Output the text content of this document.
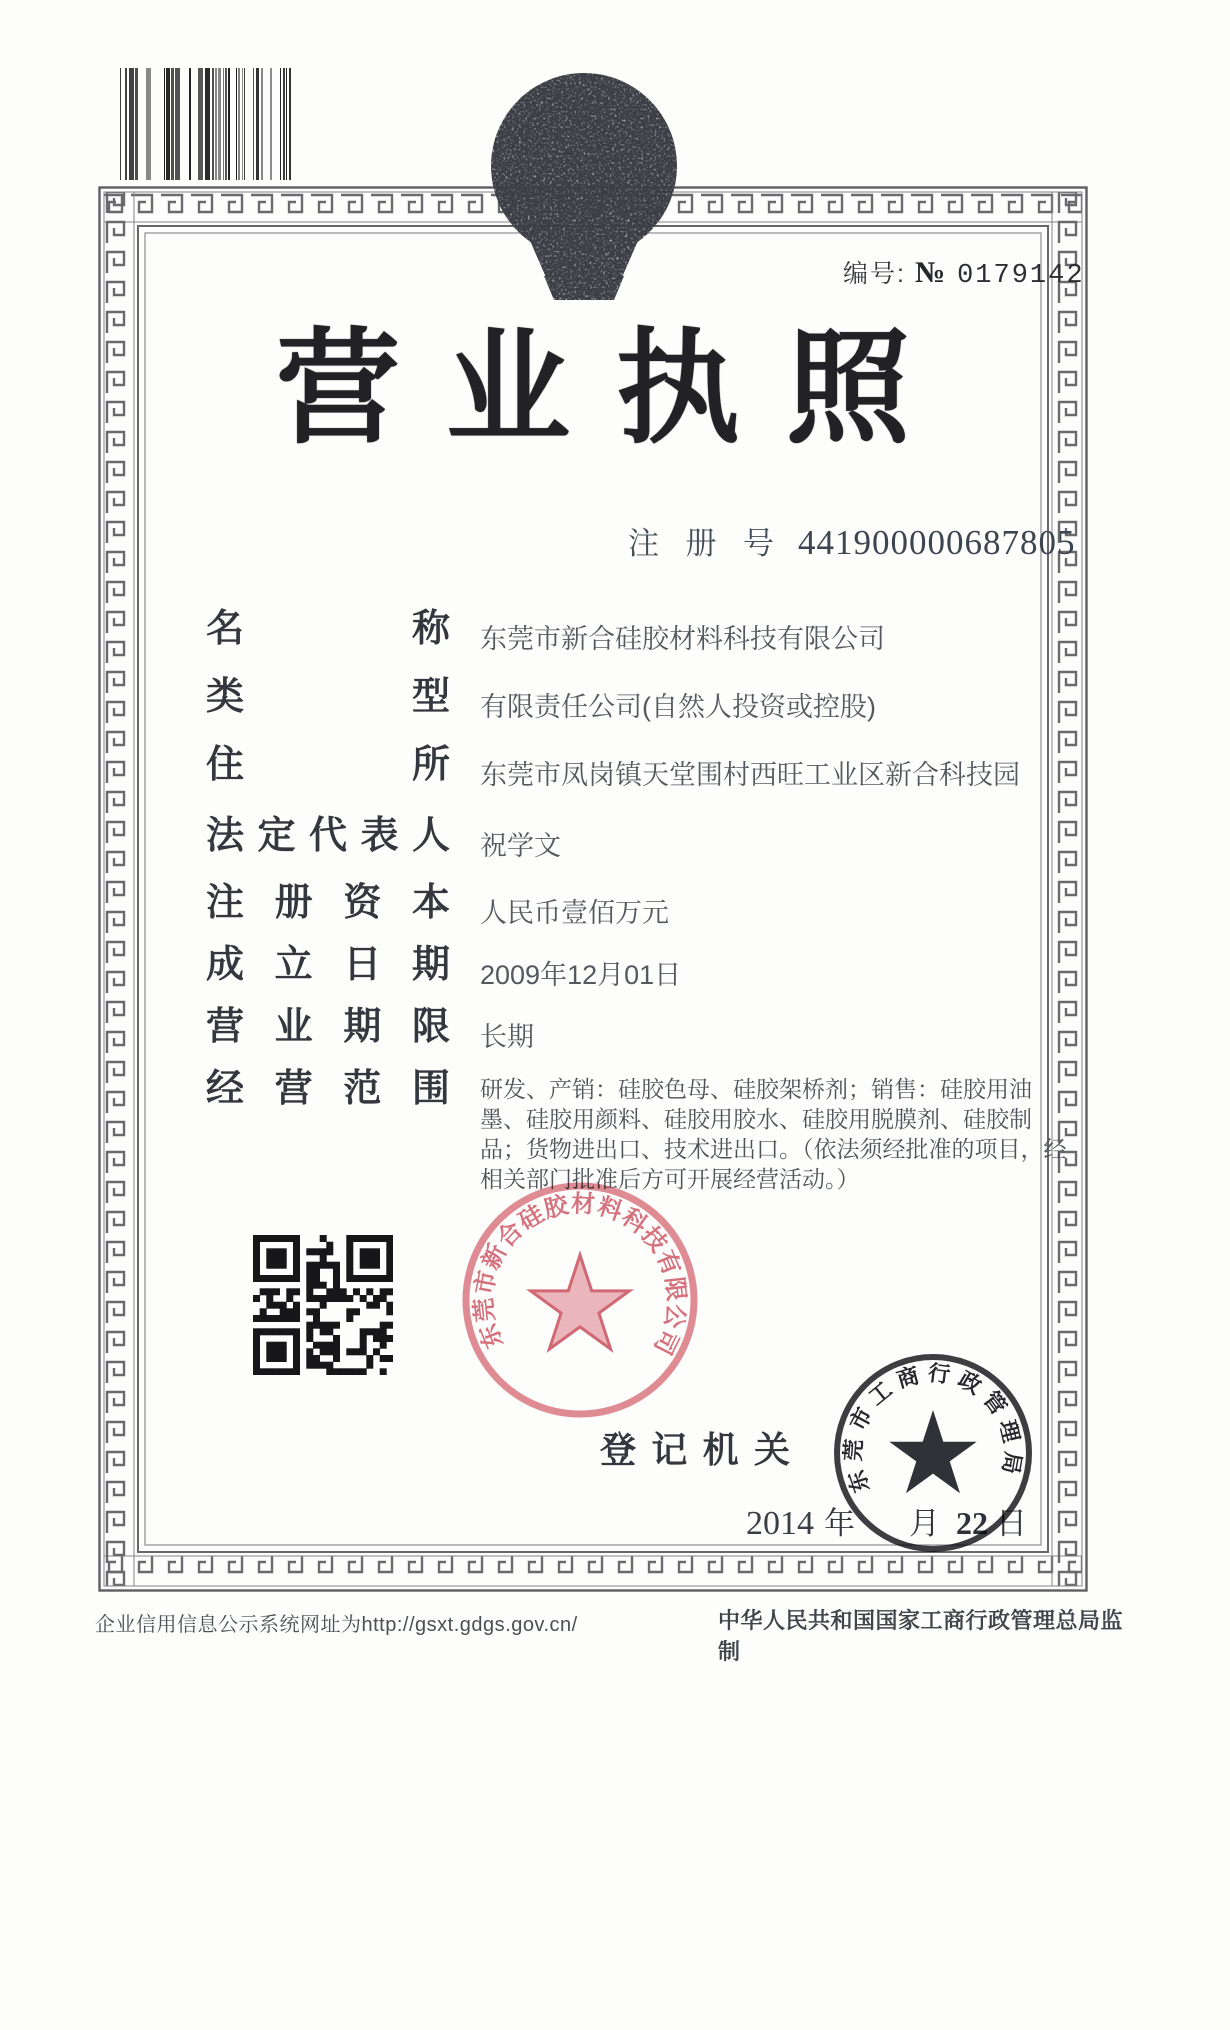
编号: № 0179142
营 业 执 照
注册号 441900000687805
名称 东莞市新合硅胶材料科技有限公司
类型 有限责任公司(自然人投资或控股)
住所 东莞市凤岗镇天堂围村西旺工业区新合科技园
法定代表人 祝学文
注册资本 人民币壹佰万元
成立日期 2009年12月01日
营业期限 长期
经营范围 研发、产销：硅胶色母、硅胶架桥剂；销售：硅胶用油墨、硅胶用颜料、硅胶用胶水、硅胶用脱膜剂、硅胶制品；货物进出口、技术进出口。（依法须经批准的项目，经相关部门批准后方可开展经营活动。）
登记机关
2014 年 月 22 日
东莞市新合硅胶材料科技有限公司
东莞市工商行政管理局
企业信用信息公示系统网址为http://gsxt.gdgs.gov.cn/	中华人民共和国国家工商行政管理总局监制
